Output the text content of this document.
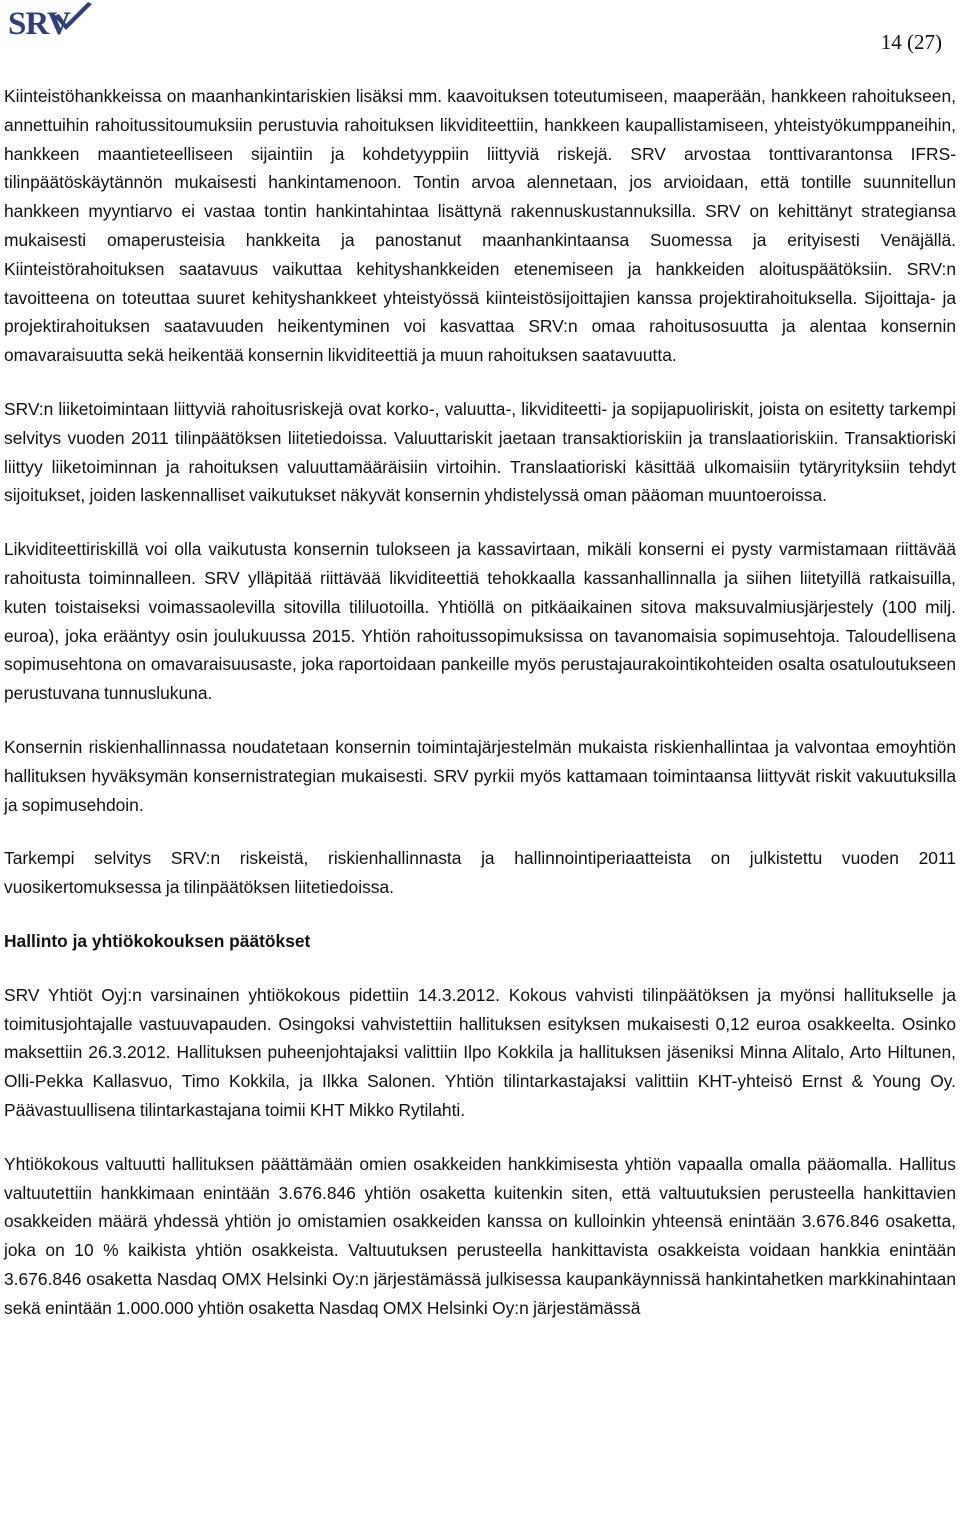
SRV	14 (27)

Kiinteistöhankkeissa on maanhankintariskien lisäksi mm. kaavoituksen toteutumiseen, maaperään, hankkeen rahoitukseen, annettuihin rahoitussitoumuksiin perustuvia rahoituksen likviditeettiin, hankkeen kaupallistamiseen, yhteistyökumppaneihin, hankkeen maantieteelliseen sijaintiin ja kohdetyyppiin liittyviä riskejä. SRV arvostaa tonttivarantonsa IFRS-tilinpäätöskäytännön mukaisesti hankintamenoon. Tontin arvoa alennetaan, jos arvioidaan, että tontille suunnitellun hankkeen myyntiarvo ei vastaa tontin hankintahintaa lisättynä rakennuskustannuksilla. SRV on kehittänyt strategiansa mukaisesti omaperusteisia hankkeita ja panostanut maanhankintaansa Suomessa ja erityisesti Venäjällä. Kiinteistörahoituksen saatavuus vaikuttaa kehityshankkeiden etenemiseen ja hankkeiden aloituspäätöksiin. SRV:n tavoitteena on toteuttaa suuret kehityshankkeet yhteistyössä kiinteistösijoittajien kanssa projektirahoituksella. Sijoittaja- ja projektirahoituksen saatavuuden heikentyminen voi kasvattaa SRV:n omaa rahoitusosuutta ja alentaa konsernin omavaraisuutta sekä heikentää konsernin likviditeettiä ja muun rahoituksen saatavuutta.

SRV:n liiketoimintaan liittyviä rahoitusriskejä ovat korko-, valuutta-, likviditeetti- ja sopijapuoliriskit, joista on esitetty tarkempi selvitys vuoden 2011 tilinpäätöksen liitetiedoissa. Valuuttariskit jaetaan transaktioriskiin ja translaatioriskiin. Transaktioriski liittyy liiketoiminnan ja rahoituksen valuuttamääräisiin virtoihin. Translaatioriski käsittää ulkomaisiin tytäryrityksiin tehdyt sijoitukset, joiden laskennalliset vaikutukset näkyvät konsernin yhdistelyssä oman pääoman muuntoeroissa.

Likviditeettiriskillä voi olla vaikutusta konsernin tulokseen ja kassavirtaan, mikäli konserni ei pysty varmistamaan riittävää rahoitusta toiminnalleen. SRV ylläpitää riittävää likviditeettiä tehokkaalla kassanhallinnalla ja siihen liitetyillä ratkaisuilla, kuten toistaiseksi voimassaolevilla sitovilla tililuotoilla. Yhtiöllä on pitkäaikainen sitova maksuvalmiusjärjestely (100 milj. euroa), joka erääntyy osin joulukuussa 2015. Yhtiön rahoitussopimuksissa on tavanomaisia sopimusehtoja. Taloudellisena sopimusehtona on omavaraisuusaste, joka raportoidaan pankeille myös perustajaurakointikohteiden osalta osatuloutukseen perustuvana tunnuslukuna.

Konsernin riskienhallinnassa noudatetaan konsernin toimintajärjestelmän mukaista riskienhallintaa ja valvontaa emoyhtiön hallituksen hyväksymän konsernistrategian mukaisesti. SRV pyrkii myös kattamaan toimintaansa liittyvät riskit vakuutuksilla ja sopimusehdoin.

Tarkempi selvitys SRV:n riskeistä, riskienhallinnasta ja hallinnointiperiaatteista on julkistettu vuoden 2011 vuosikertomuksessa ja tilinpäätöksen liitetiedoissa.

Hallinto ja yhtiökokouksen päätökset

SRV Yhtiöt Oyj:n varsinainen yhtiökokous pidettiin 14.3.2012. Kokous vahvisti tilinpäätöksen ja myönsi hallitukselle ja toimitusjohtajalle vastuuvapauden. Osingoksi vahvistettiin hallituksen esityksen mukaisesti 0,12 euroa osakkeelta. Osinko maksettiin 26.3.2012. Hallituksen puheenjohtajaksi valittiin Ilpo Kokkila ja hallituksen jäseniksi Minna Alitalo, Arto Hiltunen, Olli-Pekka Kallasvuo, Timo Kokkila, ja Ilkka Salonen. Yhtiön tilintarkastajaksi valittiin KHT-yhteisö Ernst & Young Oy. Päävastuullisena tilintarkastajana toimii KHT Mikko Rytilahti.

Yhtiökokous valtuutti hallituksen päättämään omien osakkeiden hankkimisesta yhtiön vapaalla omalla pääomalla. Hallitus valtuutettiin hankkimaan enintään 3.676.846 yhtiön osaketta kuitenkin siten, että valtuutuksien perusteella hankittavien osakkeiden määrä yhdessä yhtiön jo omistamien osakkeiden kanssa on kulloinkin yhteensä enintään 3.676.846 osaketta, joka on 10 % kaikista yhtiön osakkeista. Valtuutuksen perusteella hankittavista osakkeista voidaan hankkia enintään 3.676.846 osaketta Nasdaq OMX Helsinki Oy:n järjestämässä julkisessa kaupankäynnissä hankintahetken markkinahintaan sekä enintään 1.000.000 yhtiön osaketta Nasdaq OMX Helsinki Oy:n järjestämässä
